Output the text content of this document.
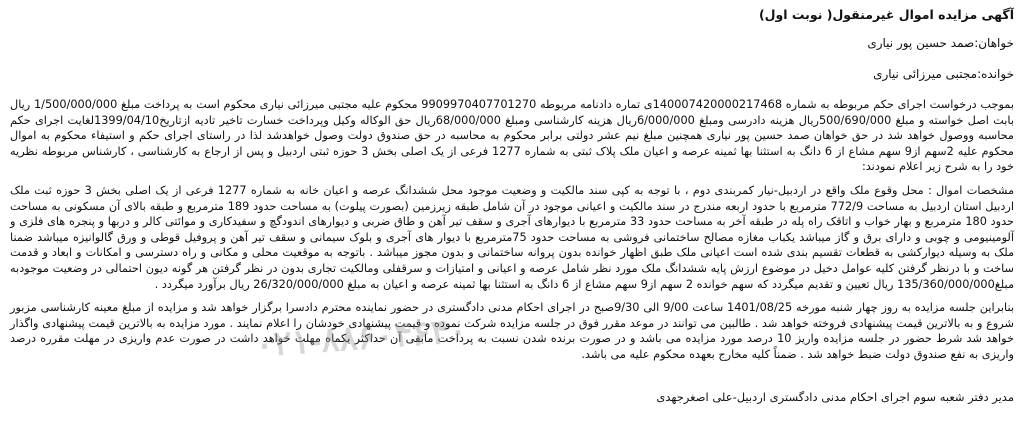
آگهی مزایده اموال غیرمنقول( نوبت اول)
خواهان:صمد حسین پور نیاری
خوانده:مجتبی میرزائی نیاری

بموجب درخواست اجرای حکم مربوطه به شماره 140007420000217468ی تماره دادنامه مربوطه 9909970407701270 محکوم علیه مجتبی میرزائی نیاری محکوم است به پرداخت مبلغ 1/500/000/000 ریال بابت اصل خواسته و مبلغ 500/690/000ریال هزینه دادرسی ومبلغ 6/000/000ریال هزینه کارشناسی ومبلغ 68/000/000ریال حق الوکاله وکیل وپرداخت خسارت تاخیر تادیه ازتاریخ1399/04/10لغایت اجرای حکم محاسبه ووصول خواهد شد در حق خواهان صمد حسین پور نیاری همچنین مبلغ نیم عشر دولتی برابر محکوم به محاسبه در حق صندوق دولت وصول خواهدشد لذا در راستای اجرای حکم و استیفاء محکوم به اموال محکوم علیه 2سهم از9 سهم مشاع از 6 دانگ به استثنا بها ثمینه عرصه و اعیان ملک پلاک ثبتی به شماره 1277 فرعی از یک اصلی بخش 3 حوزه ثبتی اردبیل و پس از ارجاع به کارشناسی ، کارشناس مربوطه نظریه خود را به شرح زیر اعلام نمودند:

مشخصات اموال : محل وقوع ملک واقع در اردبیل-نیار کمربندی دوم ، با توجه به کپی سند مالکیت و وضعیت موجود محل ششدانگ عرصه و اعیان خانه به شماره 1277 فرعی از یک اصلی بخش 3 حوزه ثبت ملک اردبیل استان اردبیل به مساحت 772/9 مترمربع با حدود اربعه مندرج در سند مالکیت و اعیانی موجود در آن شامل طبقه زیرزمین (بصورت پیلوت) به مساحت حدود 189 مترمربع و طبقه بالای آن مسکونی به مساحت حدود 180 مترمربع و بهار خواب و اتاقک راه پله در طبقه آخر به مساحت حدود 33 مترمربع با دیوارهای آجری و سقف تیر آهن و طاق ضربی و دیوارهای اندودگچ و سفیدکاری و موائتی کالر و دربها و پنجره های فلزی و آلومینیومی و چوبی و دارای برق و گاز میباشد یکباب مغازه مصالح ساختمانی فروشی به مساحت حدود 75مترمربع با دیوار های آجری و بلوک سیمانی و سقف تیر آهن و پروفیل قوطی و ورق گالوانیزه میباشد ضمنا ملک به وسیله دیوارکشی به قطعات تقسیم بندی شده است اعیانی ملک طبق اظهار خوانده بدون پروانه ساختمانی و بدون مجوز میباشد . باتوجه به موقعیت محلی و مکانی و راه دسترسی و امکانات و ابعاد و قدمت ساخت و با درنظر گرفتن کلیه عوامل دخیل در موضوع ارزش پایه ششدانگ ملک مورد نظر شامل عرصه و اعیانی و امتیازات و سرقفلی ومالکیت تجاری بدون در نظر گرفتن هر گونه دیون احتمالی در وضعیت موجودبه مبلغ135/360/000/000 ریال تعیین و تقدیم میگردد که سهم خوانده 2 سهم از9 سهم مشاع از 6 دانگ به استثنا بها ثمینه عرصه و اعیان به مبلغ 26/320/000/000 ریال برآورد میگردد .

بنابراین جلسه مزایده به روز چهار شنبه مورخه 1401/08/25 ساعت 9/00 الی 9/30صبح در اجرای احکام مدنی دادگستری در حضور نماینده محترم دادسرا برگزار خواهد شد و مزایده از مبلغ معینه کارشناسی مزبور شروع و به بالاترین قیمت پیشنهادی فروخته خواهد شد . طالبین می توانند در موعد مقرر فوق در جلسه مزایده شرکت نموده و قیمت پیشنهادی خودشان را اعلام نمایند . مورد مزایده به بالاترین قیمت پیشنهادی واگذار خواهد شد شرط حضور در جلسه مزایده واریز 10 درصد مورد مزایده می باشد و در صورت برنده شدن نسبت به پرداخت مابقی آن حداکثر یکماه مهلت خواهد داشت در صورت عدم واریزی در مهلت مقرره درصد واریزی به نفع صندوق دولت ضبط خواهد شد . ضمناً کلیه مخارج بعهده محکوم علیه می باشد.

مدیر دفتر شعبه سوم اجرای احکام مدنی دادگستری اردبیل-علی اصغرجهدی
۰۲۱-۸۸۶۰۴۶۴۰
